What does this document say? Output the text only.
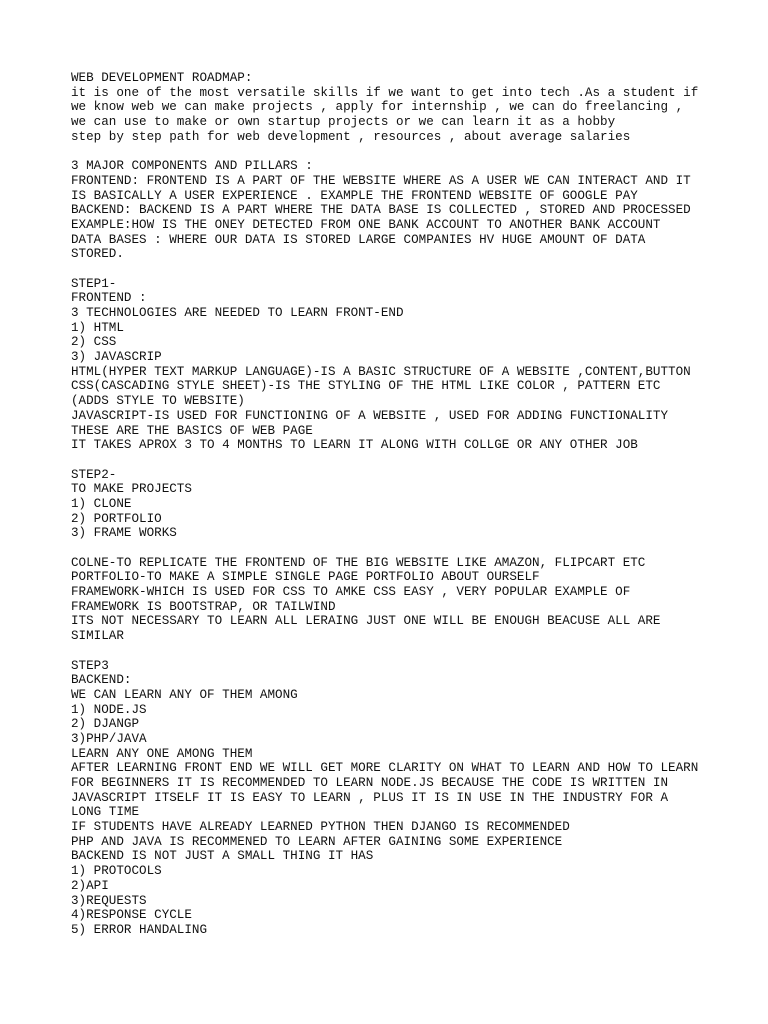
WEB DEVELOPMENT ROADMAP:
it is one of the most versatile skills if we want to get into tech .As a student if
we know web we can make projects , apply for internship , we can do freelancing ,
we can use to make or own startup projects or we can learn it as a hobby
step by step path for web development , resources , about average salaries
3 MAJOR COMPONENTS AND PILLARS :
FRONTEND: FRONTEND IS A PART OF THE WEBSITE WHERE AS A USER WE CAN INTERACT AND IT
IS BASICALLY A USER EXPERIENCE . EXAMPLE THE FRONTEND WEBSITE OF GOOGLE PAY
BACKEND: BACKEND IS A PART WHERE THE DATA BASE IS COLLECTED , STORED AND PROCESSED
EXAMPLE:HOW IS THE ONEY DETECTED FROM ONE BANK ACCOUNT TO ANOTHER BANK ACCOUNT
DATA BASES : WHERE OUR DATA IS STORED LARGE COMPANIES HV HUGE AMOUNT OF DATA
STORED.
STEP1-
FRONTEND :
3 TECHNOLOGIES ARE NEEDED TO LEARN FRONT-END
1) HTML
2) CSS
3) JAVASCRIP
HTML(HYPER TEXT MARKUP LANGUAGE)-IS A BASIC STRUCTURE OF A WEBSITE ,CONTENT,BUTTON
CSS(CASCADING STYLE SHEET)-IS THE STYLING OF THE HTML LIKE COLOR , PATTERN ETC
(ADDS STYLE TO WEBSITE)
JAVASCRIPT-IS USED FOR FUNCTIONING OF A WEBSITE , USED FOR ADDING FUNCTIONALITY
THESE ARE THE BASICS OF WEB PAGE
IT TAKES APROX 3 TO 4 MONTHS TO LEARN IT ALONG WITH COLLGE OR ANY OTHER JOB
STEP2-
TO MAKE PROJECTS
1) CLONE
2) PORTFOLIO
3) FRAME WORKS
COLNE-TO REPLICATE THE FRONTEND OF THE BIG WEBSITE LIKE AMAZON, FLIPCART ETC
PORTFOLIO-TO MAKE A SIMPLE SINGLE PAGE PORTFOLIO ABOUT OURSELF
FRAMEWORK-WHICH IS USED FOR CSS TO AMKE CSS EASY , VERY POPULAR EXAMPLE OF
FRAMEWORK IS BOOTSTRAP, OR TAILWIND
ITS NOT NECESSARY TO LEARN ALL LERAING JUST ONE WILL BE ENOUGH BEACUSE ALL ARE
SIMILAR
STEP3
BACKEND:
WE CAN LEARN ANY OF THEM AMONG
1) NODE.JS
2) DJANGP
3)PHP/JAVA
LEARN ANY ONE AMONG THEM
AFTER LEARNING FRONT END WE WILL GET MORE CLARITY ON WHAT TO LEARN AND HOW TO LEARN
FOR BEGINNERS IT IS RECOMMENDED TO LEARN NODE.JS BECAUSE THE CODE IS WRITTEN IN
JAVASCRIPT ITSELF IT IS EASY TO LEARN , PLUS IT IS IN USE IN THE INDUSTRY FOR A
LONG TIME
IF STUDENTS HAVE ALREADY LEARNED PYTHON THEN DJANGO IS RECOMMENDED
PHP AND JAVA IS RECOMMENED TO LEARN AFTER GAINING SOME EXPERIENCE
BACKEND IS NOT JUST A SMALL THING IT HAS
1) PROTOCOLS
2)API
3)REQUESTS
4)RESPONSE CYCLE
5) ERROR HANDALING
